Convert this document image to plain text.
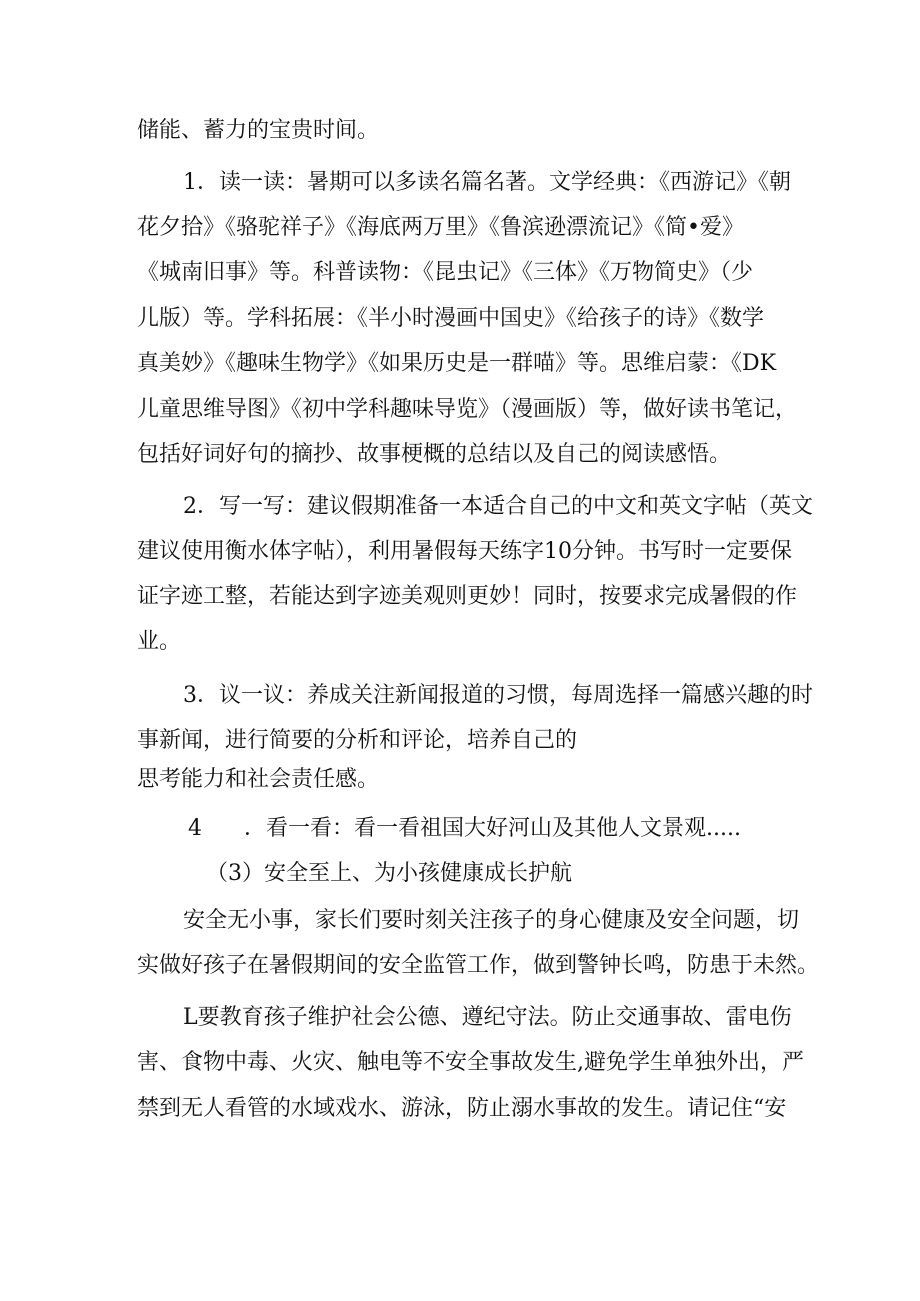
储能、蓄力的宝贵时间。
1．读一读：暑期可以多读名篇名著。文学经典：《西游记》《朝
花夕拾》《骆驼祥子》《海底两万里》《鲁滨逊漂流记》《简•爱》
《城南旧事》等。科普读物：《昆虫记》《三体》《万物简史》（少
儿版）等。学科拓展：《半小时漫画中国史》《给孩子的诗》《数学
真美妙》《趣味生物学》《如果历史是一群喵》等。思维启蒙：《DK
儿童思维导图》《初中学科趣味导览》（漫画版）等，做好读书笔记，
包括好词好句的摘抄、故事梗概的总结以及自己的阅读感悟。
2．写一写：建议假期准备一本适合自己的中文和英文字帖（英文
建议使用衡水体字帖），利用暑假每天练字10分钟。书写时一定要保
证字迹工整，若能达到字迹美观则更妙！同时，按要求完成暑假的作
业。
3．议一议：养成关注新闻报道的习惯，每周选择一篇感兴趣的时
事新闻，进行简要的分析和评论，培养自己的
思考能力和社会责任感。
4 ．看一看：看一看祖国大好河山及其他人文景观.....
（3）安全至上、为小孩健康成长护航
安全无小事，家长们要时刻关注孩子的身心健康及安全问题，切
实做好孩子在暑假期间的安全监管工作，做到警钟长鸣，防患于未然。
L要教育孩子维护社会公德、遵纪守法。防止交通事故、雷电伤
害、食物中毒、火灾、触电等不安全事故发生,避免学生单独外出，严
禁到无人看管的水域戏水、游泳，防止溺水事故的发生。请记住“安
